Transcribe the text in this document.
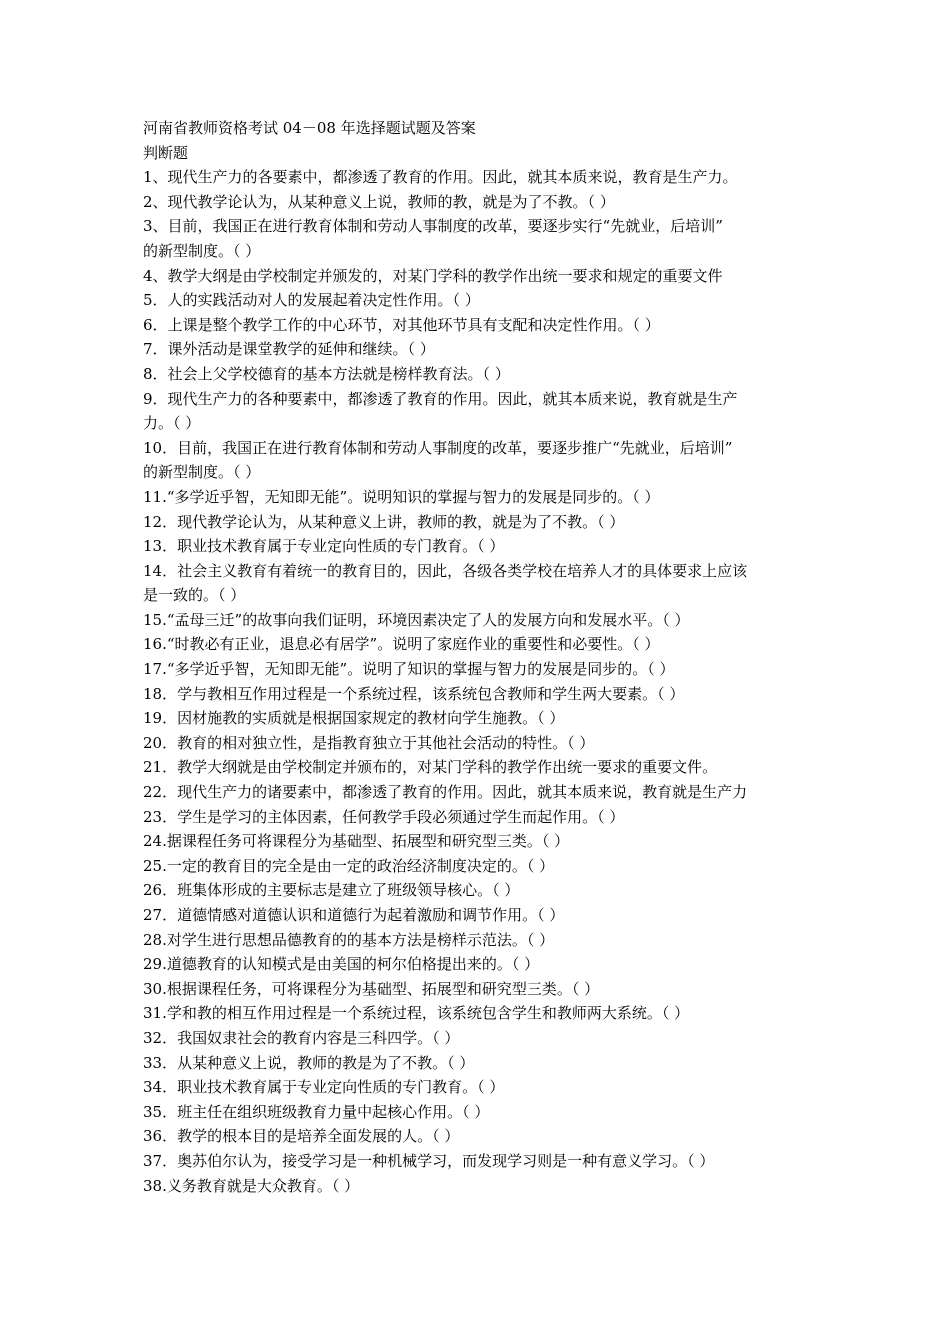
河南省教师资格考试 04－08 年选择题试题及答案
判断题
1、现代生产力的各要素中，都渗透了教育的作用。因此，就其本质来说，教育是生产力。
2、现代教学论认为，从某种意义上说，教师的教，就是为了不教。（ ）
3、目前，我国正在进行教育体制和劳动人事制度的改革，要逐步实行“先就业，后培训”
的新型制度。（ ）
4、教学大纲是由学校制定并颁发的，对某门学科的教学作出统一要求和规定的重要文件
5．人的实践活动对人的发展起着决定性作用。（ ）
6．上课是整个教学工作的中心环节，对其他环节具有支配和决定性作用。（ ）
7．课外活动是课堂教学的延伸和继续。（ ）
8．社会上父学校德育的基本方法就是榜样教育法。（ ）
9．现代生产力的各种要素中，都渗透了教育的作用。因此，就其本质来说，教育就是生产
力。（ ）
10．目前，我国正在进行教育体制和劳动人事制度的改革，要逐步推广“先就业，后培训”
的新型制度。（ ）
11.“多学近乎智，无知即无能”。说明知识的掌握与智力的发展是同步的。（ ）
12．现代教学论认为，从某种意义上讲，教师的教，就是为了不教。（ ）
13．职业技术教育属于专业定向性质的专门教育。（ ）
14．社会主义教育有着统一的教育目的，因此，各级各类学校在培养人才的具体要求上应该
是一致的。（ ）
15.“孟母三迁”的故事向我们证明，环境因素决定了人的发展方向和发展水平。（ ）
16.“时教必有正业，退息必有居学”。说明了家庭作业的重要性和必要性。（ ）
17.“多学近乎智，无知即无能”。说明了知识的掌握与智力的发展是同步的。（ ）
18．学与教相互作用过程是一个系统过程，该系统包含教师和学生两大要素。（ ）
19．因材施教的实质就是根据国家规定的教材向学生施教。（ ）
20．教育的相对独立性，是指教育独立于其他社会活动的特性。（ ）
21．教学大纲就是由学校制定并颁布的，对某门学科的教学作出统一要求的重要文件。
22．现代生产力的诸要素中，都渗透了教育的作用。因此，就其本质来说，教育就是生产力
23．学生是学习的主体因素，任何教学手段必须通过学生而起作用。（ ）
24.据课程任务可将课程分为基础型、拓展型和研究型三类。（ ）
25.一定的教育目的完全是由一定的政治经济制度决定的。（ ）
26．班集体形成的主要标志是建立了班级领导核心。（ ）
27．道德情感对道德认识和道德行为起着激励和调节作用。（ ）
28.对学生进行思想品德教育的的基本方法是榜样示范法。（ ）
29.道德教育的认知模式是由美国的柯尔伯格提出来的。（ ）
30.根据课程任务，可将课程分为基础型、拓展型和研究型三类。（ ）
31.学和教的相互作用过程是一个系统过程，该系统包含学生和教师两大系统。（ ）
32．我国奴隶社会的教育内容是三科四学。（ ）
33．从某种意义上说，教师的教是为了不教。（ ）
34．职业技术教育属于专业定向性质的专门教育。（ ）
35．班主任在组织班级教育力量中起核心作用。（ ）
36．教学的根本目的是培养全面发展的人。（ ）
37．奥苏伯尔认为，接受学习是一种机械学习，而发现学习则是一种有意义学习。（ ）
38.义务教育就是大众教育。（ ）
